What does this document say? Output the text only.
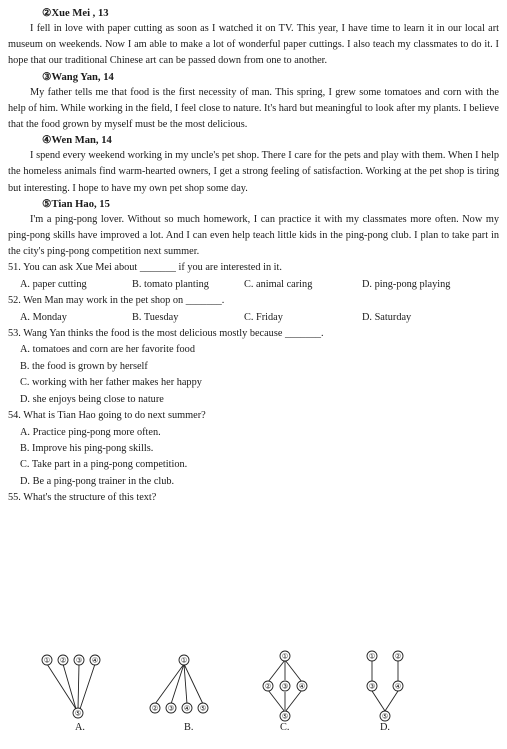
②Xue Mei , 13

I fell in love with paper cutting as soon as I watched it on TV. This year, I have time to learn it in our local art museum on weekends. Now I am able to make a lot of wonderful paper cuttings. I also teach my classmates to do it. I hope that our traditional Chinese art can be passed down from one to another.

③Wang Yan, 14

My father tells me that food is the first necessity of man. This spring, I grew some tomatoes and corn with the help of him. While working in the field, I feel close to nature. It's hard but meaningful to look after my plants. I believe that the food grown by myself must be the most delicious.

④Wen Man, 14

I spend every weekend working in my uncle's pet shop. There I care for the pets and play with them. When I help the homeless animals find warm-hearted owners, I get a strong feeling of satisfaction. Working at the pet shop is tiring but interesting. I hope to have my own pet shop some day.

⑤Tian Hao, 15

I'm a ping-pong lover. Without so much homework, I can practice it with my classmates more often. Now my ping-pong skills have improved a lot. And I can even help teach little kids in the ping-pong club. I plan to take part in the city's ping-pong competition next summer.

51. You can ask Xue Mei about _______ if you are interested in it.

A. paper cutting	B. tomato planting	C. animal caring	D. ping-pong playing

52. Wen Man may work in the pet shop on _______.

A. Monday	B. Tuesday	C. Friday	D. Saturday

53. Wang Yan thinks the food is the most delicious mostly because _______.

A. tomatoes and corn are her favorite food

B. the food is grown by herself

C. working with her father makes her happy

D. she enjoys being close to nature

54. What is Tian Hao going to do next summer?

A. Practice ping-pong more often.

B. Improve his ping-pong skills.

C. Take part in a ping-pong competition.

D. Be a ping-pong trainer in the club.

55. What's the structure of this text?

① ② ③ ④
⑤
A.
①
② ③ ④ ⑤
B.
①
② ③ ④
⑤
C.
①	②
③	④
⑤
D.
